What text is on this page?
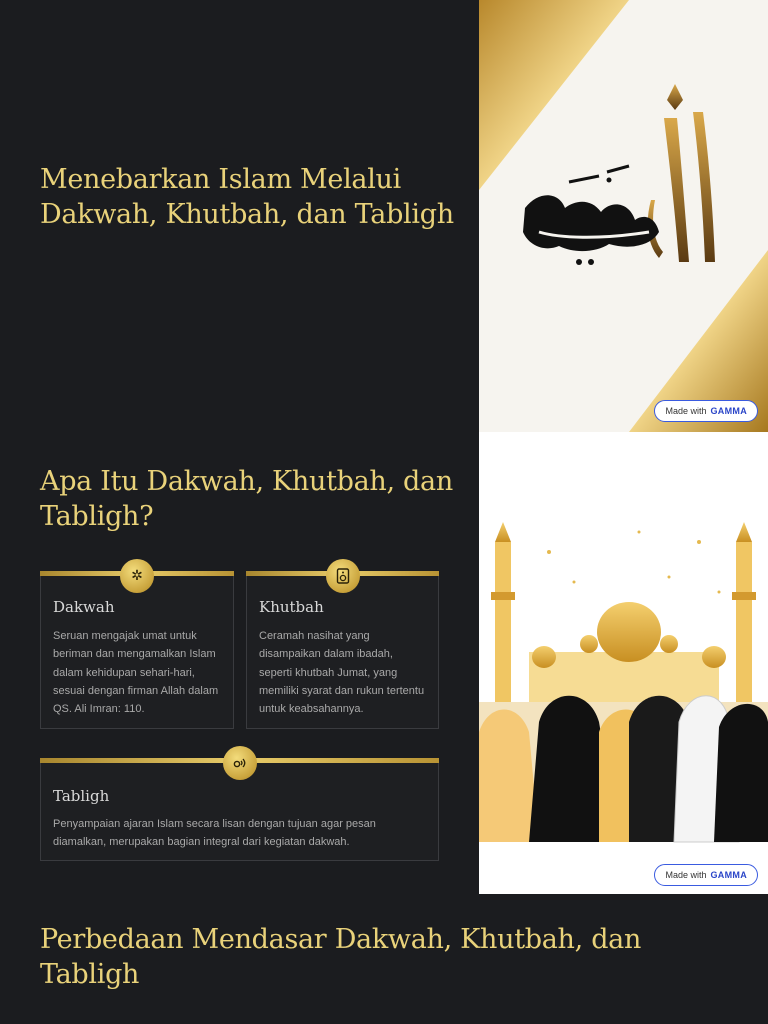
Menebarkan Islam Melalui Dakwah, Khutbah, dan Tabligh
Made with GAMMA
Apa Itu Dakwah, Khutbah, dan Tabligh?
✲
Dakwah

Seruan mengajak umat untuk beriman dan mengamalkan Islam dalam kehidupan sehari-hari, sesuai dengan firman Allah dalam QS. Ali Imran: 110.

Khutbah

Ceramah nasihat yang disampaikan dalam ibadah, seperti khutbah Jumat, yang memiliki syarat dan rukun tertentu untuk keabsahannya.

Tabligh

Penyampaian ajaran Islam secara lisan dengan tujuan agar pesan diamalkan, merupakan bagian integral dari kegiatan dakwah.

Made with GAMMA
Perbedaan Mendasar Dakwah, Khutbah, dan Tabligh
